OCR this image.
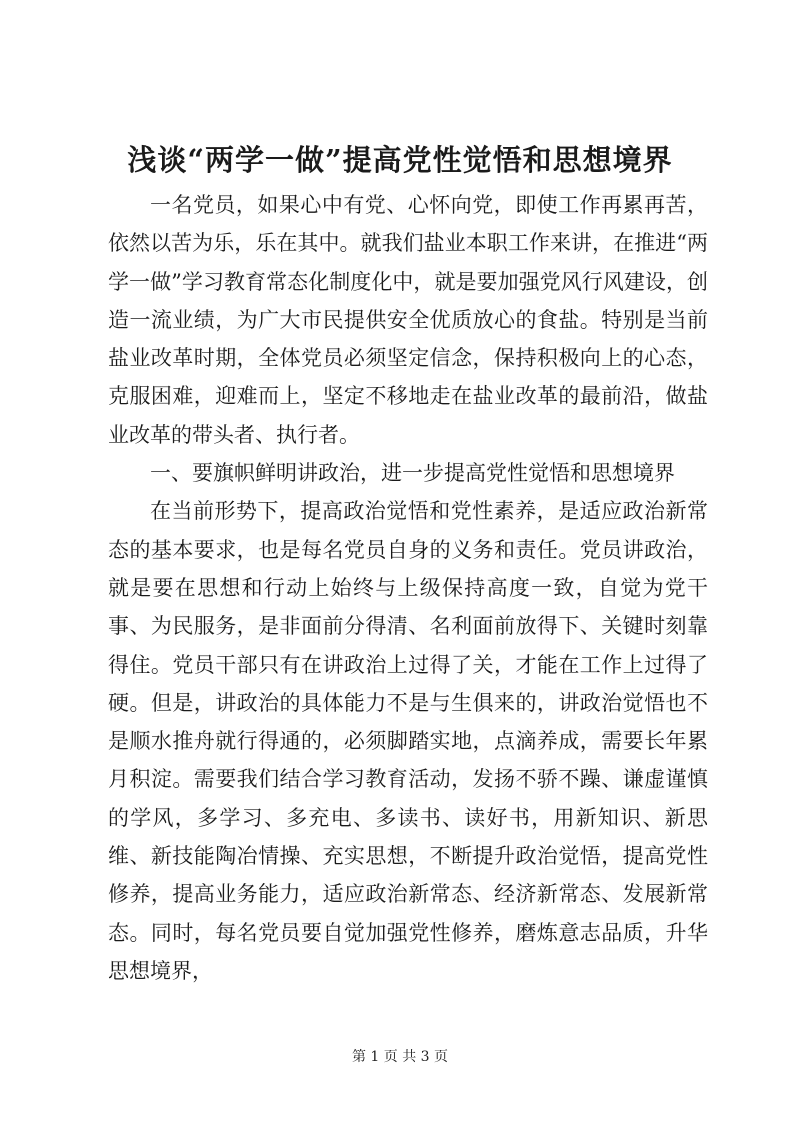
浅谈“两学一做”提高党性觉悟和思想境界

一名党员，如果心中有党、心怀向党，即使工作再累再苦，依然以苦为乐，乐在其中。就我们盐业本职工作来讲，在推进“两学一做”学习教育常态化制度化中，就是要加强党风行风建设，创造一流业绩，为广大市民提供安全优质放心的食盐。特别是当前盐业改革时期，全体党员必须坚定信念，保持积极向上的心态，克服困难，迎难而上，坚定不移地走在盐业改革的最前沿，做盐业改革的带头者、执行者。

一、要旗帜鲜明讲政治，进一步提高党性觉悟和思想境界

在当前形势下，提高政治觉悟和党性素养，是适应政治新常态的基本要求，也是每名党员自身的义务和责任。党员讲政治，就是要在思想和行动上始终与上级保持高度一致，自觉为党干事、为民服务，是非面前分得清、名利面前放得下、关键时刻靠得住。党员干部只有在讲政治上过得了关，才能在工作上过得了硬。但是，讲政治的具体能力不是与生俱来的，讲政治觉悟也不是顺水推舟就行得通的，必须脚踏实地，点滴养成，需要长年累月积淀。需要我们结合学习教育活动，发扬不骄不躁、谦虚谨慎的学风，多学习、多充电、多读书、读好书，用新知识、新思维、新技能陶冶情操、充实思想，不断提升政治觉悟，提高党性修养，提高业务能力，适应政治新常态、经济新常态、发展新常态。同时，每名党员要自觉加强党性修养，磨炼意志品质，升华思想境界，

第 1 页 共 3 页
